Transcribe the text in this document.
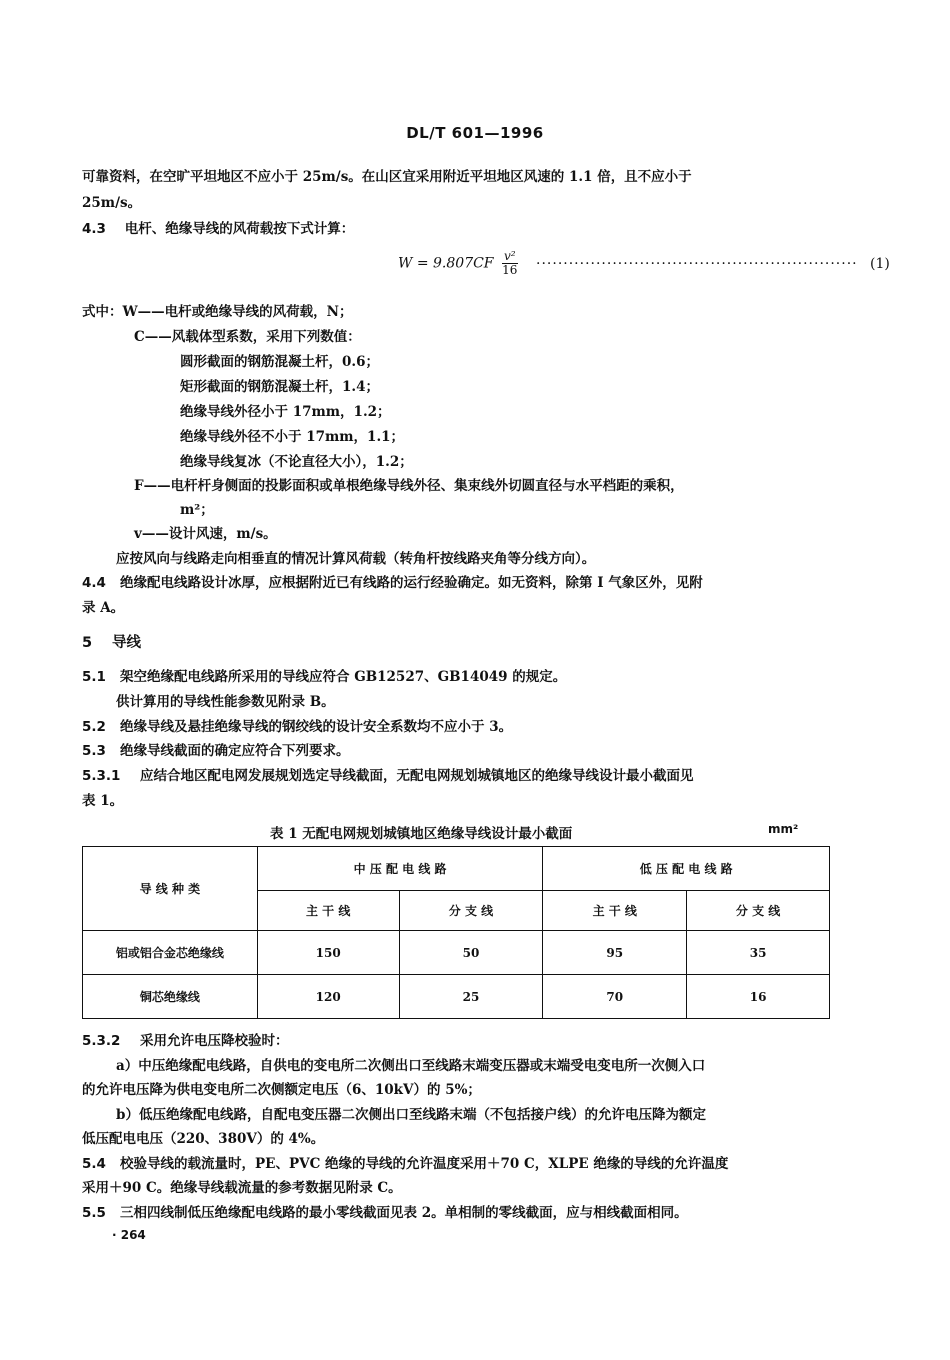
DL/T 601—1996
可靠资料，在空旷平坦地区不应小于 25m/s。在山区宜采用附近平坦地区风速的 1.1 倍，且不应小于
25m/s。
4.3 电杆、绝缘导线的风荷载按下式计算：
$W = 9.807CF \frac{\text{v²}}{16}$ ··························································· (1)
式中：W——电杆或绝缘导线的风荷载，N；
C——风载体型系数，采用下列数值：
圆形截面的钢筋混凝土杆，0.6；
矩形截面的钢筋混凝土杆，1.4；
绝缘导线外径小于 17mm，1.2；
绝缘导线外径不小于 17mm，1.1；
绝缘导线复冰（不论直径大小），1.2；
F——电杆杆身侧面的投影面积或单根绝缘导线外径、集束线外切圆直径与水平档距的乘积，
m²；
v——设计风速，m/s。
应按风向与线路走向相垂直的情况计算风荷载（转角杆按线路夹角等分线方向）。
4.4 绝缘配电线路设计冰厚，应根据附近已有线路的运行经验确定。如无资料，除第 I 气象区外，见附
录 A。
5 导线
5.1 架空绝缘配电线路所采用的导线应符合 GB12527、GB14049 的规定。
供计算用的导线性能参数见附录 B。
5.2 绝缘导线及悬挂绝缘导线的钢绞线的设计安全系数均不应小于 3。
5.3 绝缘导线截面的确定应符合下列要求。
5.3.1 应结合地区配电网发展规划选定导线截面，无配电网规划城镇地区的绝缘导线设计最小截面见
表 1。
表 1 无配电网规划城镇地区绝缘导线设计最小截面	mm²
导 线 种 类	中 压 配 电 线 路		低 压 配 电 线 路	
	主 干 线	分 支 线	主 干 线	分 支 线
铝或铝合金芯绝缘线	150	50	95	35
铜芯绝缘线	120	25	70	16
5.3.2 采用允许电压降校验时：
a）中压绝缘配电线路，自供电的变电所二次侧出口至线路末端变压器或末端受电变电所一次侧入口
的允许电压降为供电变电所二次侧额定电压（6、10kV）的 5%；
b）低压绝缘配电线路，自配电变压器二次侧出口至线路末端（不包括接户线）的允许电压降为额定
低压配电电压（220、380V）的 4%。
5.4 校验导线的载流量时，PE、PVC 绝缘的导线的允许温度采用＋70 C，XLPE 绝缘的导线的允许温度
采用＋90 C。绝缘导线载流量的参考数据见附录 C。
5.5 三相四线制低压绝缘配电线路的最小零线截面见表 2。单相制的零线截面，应与相线截面相同。
· 264
